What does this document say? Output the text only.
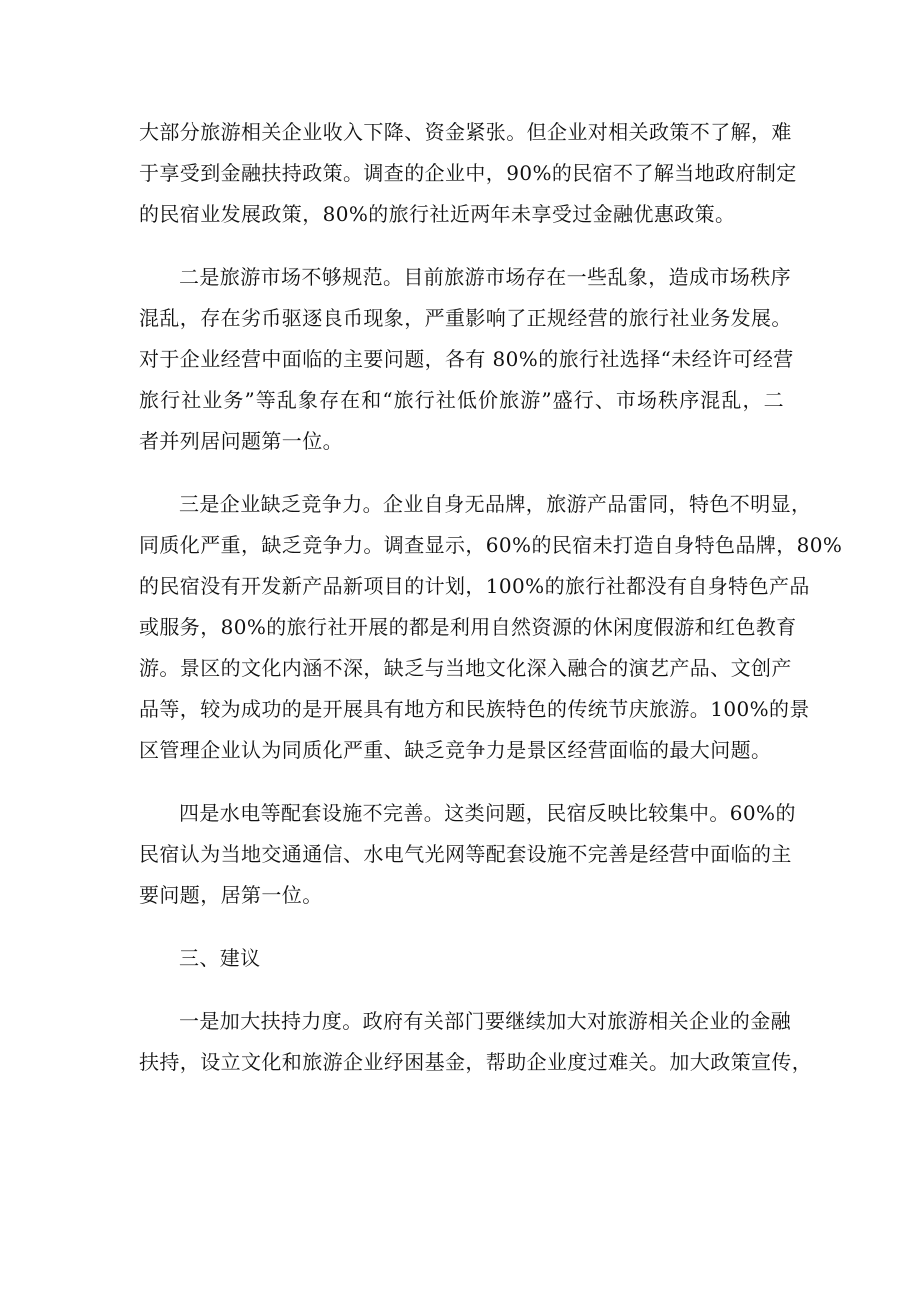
大部分旅游相关企业收入下降、资金紧张。但企业对相关政策不了解，难
于享受到金融扶持政策。调查的企业中，90%的民宿不了解当地政府制定
的民宿业发展政策，80%的旅行社近两年未享受过金融优惠政策。
二是旅游市场不够规范。目前旅游市场存在一些乱象，造成市场秩序
混乱，存在劣币驱逐良币现象，严重影响了正规经营的旅行社业务发展。
对于企业经营中面临的主要问题，各有 80%的旅行社选择“未经许可经营
旅行社业务”等乱象存在和“旅行社低价旅游”盛行、市场秩序混乱，二
者并列居问题第一位。
三是企业缺乏竞争力。企业自身无品牌，旅游产品雷同，特色不明显，
同质化严重，缺乏竞争力。调查显示，60%的民宿未打造自身特色品牌，80%
的民宿没有开发新产品新项目的计划，100%的旅行社都没有自身特色产品
或服务，80%的旅行社开展的都是利用自然资源的休闲度假游和红色教育
游。景区的文化内涵不深，缺乏与当地文化深入融合的演艺产品、文创产
品等，较为成功的是开展具有地方和民族特色的传统节庆旅游。100%的景
区管理企业认为同质化严重、缺乏竞争力是景区经营面临的最大问题。
四是水电等配套设施不完善。这类问题，民宿反映比较集中。60%的
民宿认为当地交通通信、水电气光网等配套设施不完善是经营中面临的主
要问题，居第一位。
三、建议
一是加大扶持力度。政府有关部门要继续加大对旅游相关企业的金融
扶持，设立文化和旅游企业纾困基金，帮助企业度过难关。加大政策宣传，
